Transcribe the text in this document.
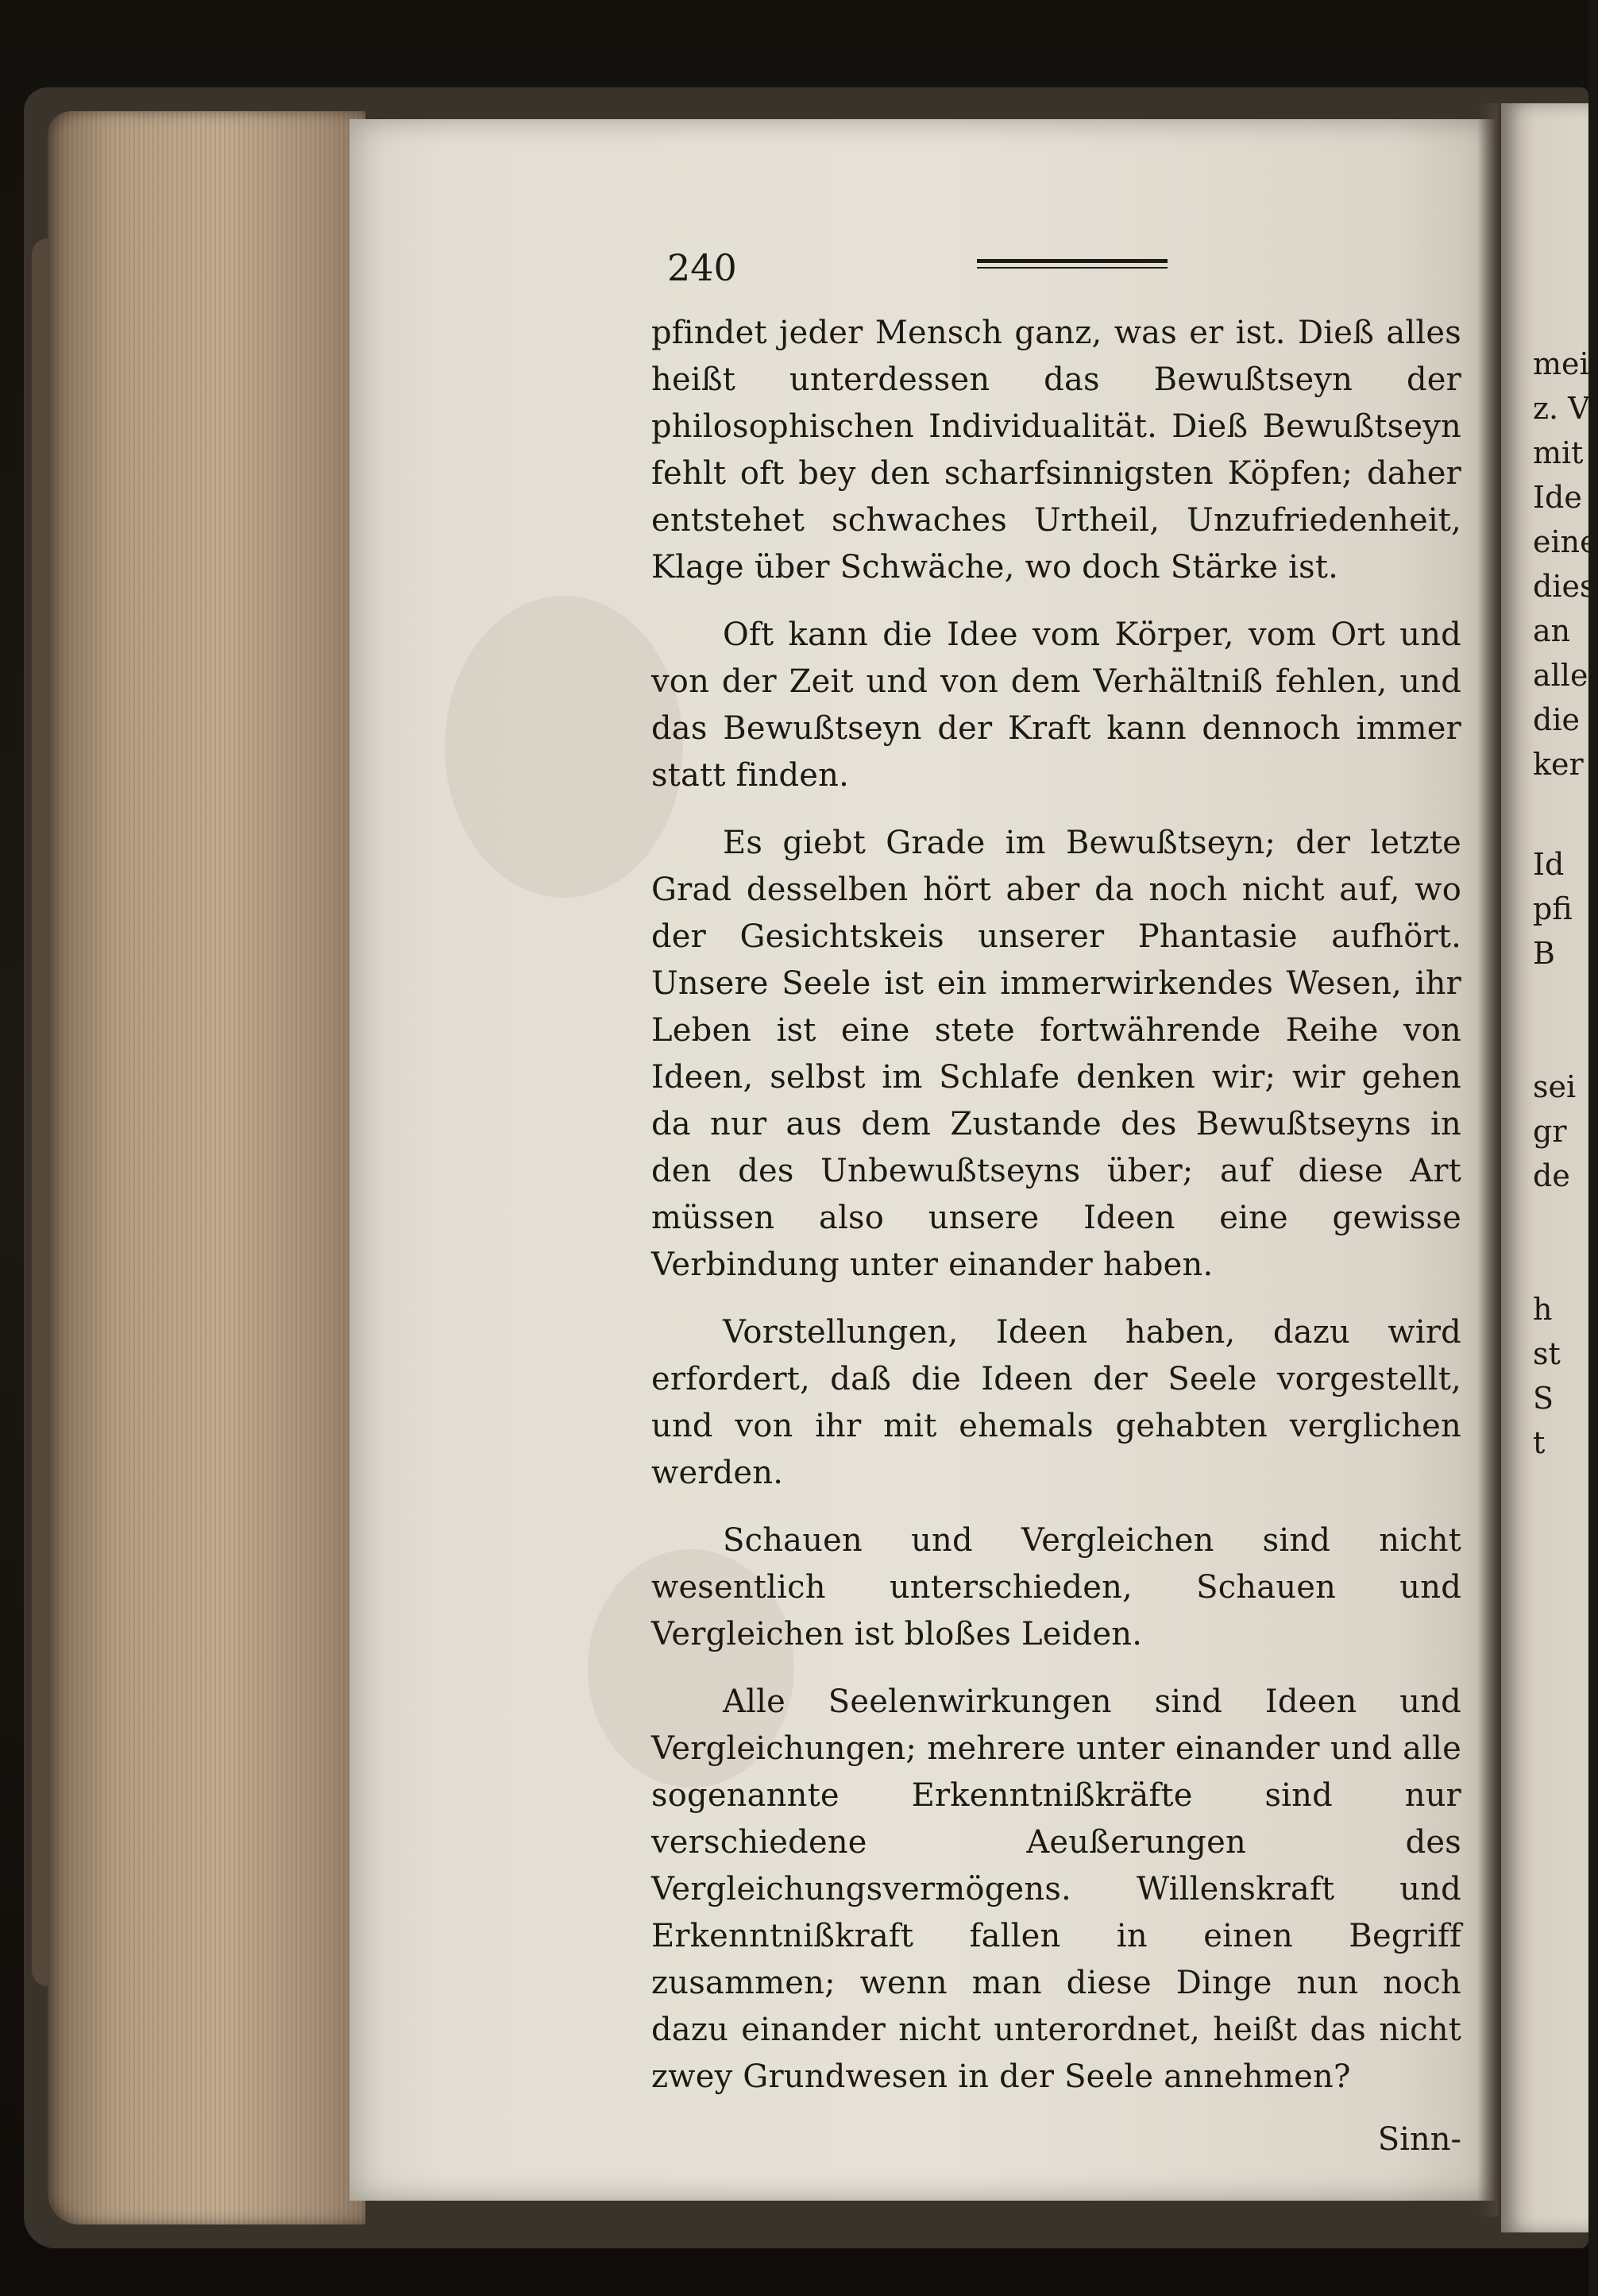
240

pfindet jeder Mensch ganz, was er ist. Dieß alles heißt unterdessen das Bewußtseyn der philosophischen Individualität. Dieß Bewußtseyn fehlt oft bey den scharfsinnigsten Köpfen; daher entstehet schwaches Urtheil, Unzufriedenheit, Klage über Schwäche, wo doch Stärke ist.

Oft kann die Idee vom Körper, vom Ort und von der Zeit und von dem Verhältniß fehlen, und das Bewußtseyn der Kraft kann dennoch immer statt finden.

Es giebt Grade im Bewußtseyn; der letzte Grad desselben hört aber da noch nicht auf, wo der Gesichtskeis unserer Phantasie aufhört. Unsere Seele ist ein immerwirkendes Wesen, ihr Leben ist eine stete fortwährende Reihe von Ideen, selbst im Schlafe denken wir; wir gehen da nur aus dem Zustande des Bewußtseyns in den des Unbewußtseyns über; auf diese Art müssen also unsere Ideen eine gewisse Verbindung unter einander haben.

Vorstellungen, Ideen haben, dazu wird erfordert, daß die Ideen der Seele vorgestellt, und von ihr mit ehemals gehabten verglichen werden.

Schauen und Vergleichen sind nicht wesentlich unterschieden, Schauen und Vergleichen ist bloßes Leiden.

Alle Seelenwirkungen sind Ideen und Vergleichungen; mehrere unter einander und alle sogenannte Erkenntnißkräfte sind nur verschiedene Aeußerungen des Vergleichungsvermögens. Willenskraft und Erkenntnißkraft fallen in einen Begriff zusammen; wenn man diese Dinge nun noch dazu einander nicht unterordnet, heißt das nicht zwey Grundwesen in der Seele annehmen?

Sinn-
mei
z. V
mit
Ide
eine
dies
an
alle
die
ker
Id
pfi
B
sei
gr
de
h
st
S
t
